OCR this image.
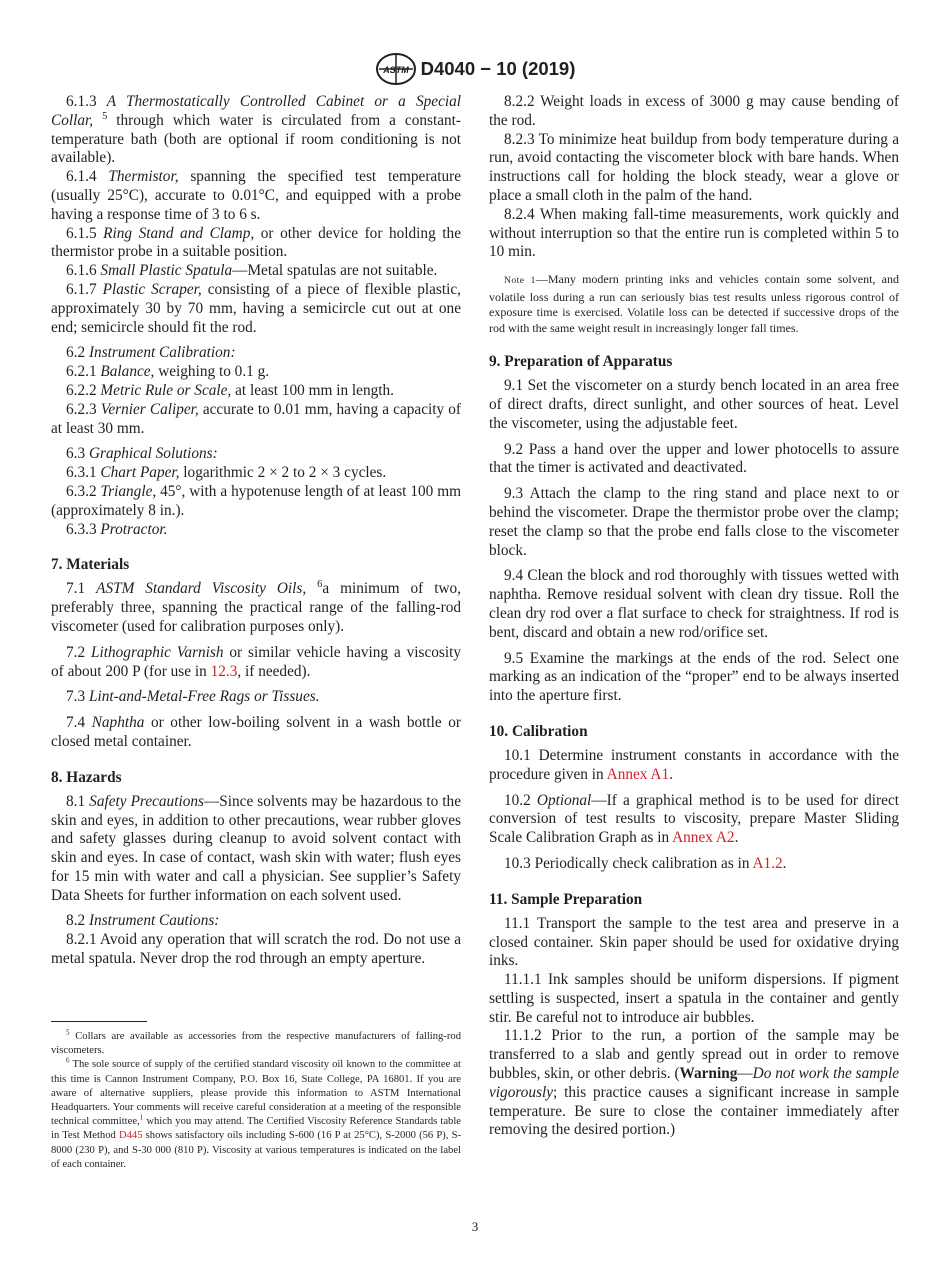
ASTM D4040 − 10 (2019)

6.1.3 A Thermostatically Controlled Cabinet or a Special Collar, $^5$ through which water is circulated from a constant-temperature bath (both are optional if room conditioning is not available).

6.1.4 Thermistor, spanning the specified test temperature (usually 25°C), accurate to 0.01°C, and equipped with a probe having a response time of 3 to 6 s.

6.1.5 Ring Stand and Clamp, or other device for holding the thermistor probe in a suitable position.

6.1.6 Small Plastic Spatula—Metal spatulas are not suitable.

6.1.7 Plastic Scraper, consisting of a piece of flexible plastic, approximately 30 by 70 mm, having a semicircle cut out at one end; semicircle should fit the rod.

6.2 Instrument Calibration:

6.2.1 Balance, weighing to 0.1 g.

6.2.2 Metric Rule or Scale, at least 100 mm in length.

6.2.3 Vernier Caliper, accurate to 0.01 mm, having a capacity of at least 30 mm.

6.3 Graphical Solutions:

6.3.1 Chart Paper, logarithmic 2 × 2 to 2 × 3 cycles.

6.3.2 Triangle, 45°, with a hypotenuse length of at least 100 mm (approximately 8 in.).

6.3.3 Protractor.

7. Materials

7.1 ASTM Standard Viscosity Oils, $^6$a minimum of two, preferably three, spanning the practical range of the falling-rod viscometer (used for calibration purposes only).

7.2 Lithographic Varnish or similar vehicle having a viscosity of about 200 P (for use in 12.3, if needed).

7.3 Lint-and-Metal-Free Rags or Tissues.

7.4 Naphtha or other low-boiling solvent in a wash bottle or closed metal container.

8. Hazards

8.1 Safety Precautions—Since solvents may be hazardous to the skin and eyes, in addition to other precautions, wear rubber gloves and safety glasses during cleanup to avoid solvent contact with skin and eyes. In case of contact, wash skin with water; flush eyes for 15 min with water and call a physician. See supplier’s Safety Data Sheets for further information on each solvent used.

8.2 Instrument Cautions:

8.2.1 Avoid any operation that will scratch the rod. Do not use a metal spatula. Never drop the rod through an empty aperture.

$^5$ Collars are available as accessories from the respective manufacturers of falling-rod viscometers.

$^6$ The sole source of supply of the certified standard viscosity oil known to the committee at this time is Cannon Instrument Company, P.O. Box 16, State College, PA 16801. If you are aware of alternative suppliers, please provide this information to ASTM International Headquarters. Your comments will receive careful consideration at a meeting of the responsible technical committee,$^1$ which you may attend. The Certified Viscosity Reference Standards table in Test Method D445 shows satisfactory oils including S-600 (16 P at 25°C), S-2000 (56 P), S-8000 (230 P), and S-30 000 (810 P). Viscosity at various temperatures is indicated on the label of each container.

8.2.2 Weight loads in excess of 3000 g may cause bending of the rod.

8.2.3 To minimize heat buildup from body temperature during a run, avoid contacting the viscometer block with bare hands. When instructions call for holding the block steady, wear a glove or place a small cloth in the palm of the hand.

8.2.4 When making fall-time measurements, work quickly and without interruption so that the entire run is completed within 5 to 10 min.

Note 1—Many modern printing inks and vehicles contain some solvent, and volatile loss during a run can seriously bias test results unless rigorous control of exposure time is exercised. Volatile loss can be detected if successive drops of the rod with the same weight result in increasingly longer fall times.

9. Preparation of Apparatus

9.1 Set the viscometer on a sturdy bench located in an area free of direct drafts, direct sunlight, and other sources of heat. Level the viscometer, using the adjustable feet.

9.2 Pass a hand over the upper and lower photocells to assure that the timer is activated and deactivated.

9.3 Attach the clamp to the ring stand and place next to or behind the viscometer. Drape the thermistor probe over the clamp; reset the clamp so that the probe end falls close to the viscometer block.

9.4 Clean the block and rod thoroughly with tissues wetted with naphtha. Remove residual solvent with clean dry tissue. Roll the clean dry rod over a flat surface to check for straightness. If rod is bent, discard and obtain a new rod/orifice set.

9.5 Examine the markings at the ends of the rod. Select one marking as an indication of the “proper” end to be always inserted into the aperture first.

10. Calibration

10.1 Determine instrument constants in accordance with the procedure given in Annex A1.

10.2 Optional—If a graphical method is to be used for direct conversion of test results to viscosity, prepare Master Sliding Scale Calibration Graph as in Annex A2.

10.3 Periodically check calibration as in A1.2.

11. Sample Preparation

11.1 Transport the sample to the test area and preserve in a closed container. Skin paper should be used for oxidative drying inks.

11.1.1 Ink samples should be uniform dispersions. If pigment settling is suspected, insert a spatula in the container and gently stir. Be careful not to introduce air bubbles.

11.1.2 Prior to the run, a portion of the sample may be transferred to a slab and gently spread out in order to remove bubbles, skin, or other debris. (Warning—Do not work the sample vigorously; this practice causes a significant increase in sample temperature. Be sure to close the container immediately after removing the desired portion.)

3
